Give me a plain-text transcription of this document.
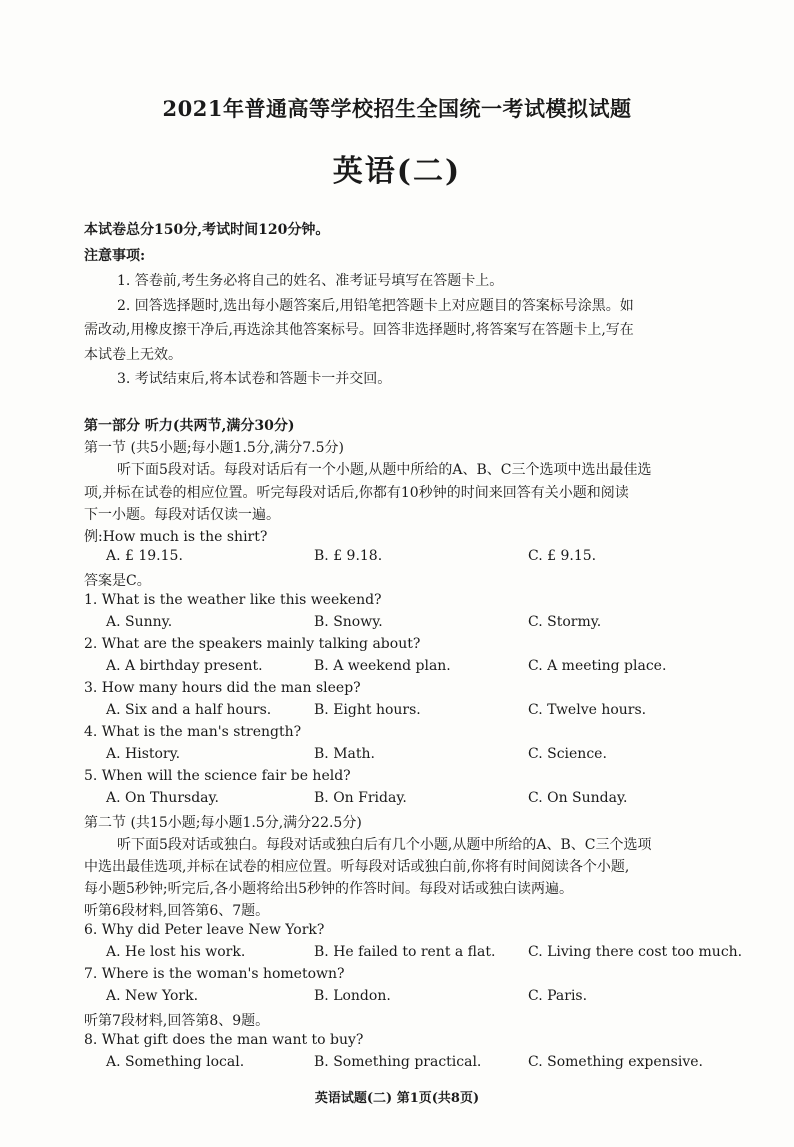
2021年普通高等学校招生全国统一考试模拟试题
英语(二)
本试卷总分150分,考试时间120分钟。
注意事项:
1. 答卷前,考生务必将自己的姓名、准考证号填写在答题卡上。
2. 回答选择题时,选出每小题答案后,用铅笔把答题卡上对应题目的答案标号涂黑。如
需改动,用橡皮擦干净后,再选涂其他答案标号。回答非选择题时,将答案写在答题卡上,写在
本试卷上无效。
3. 考试结束后,将本试卷和答题卡一并交回。
第一部分 听力(共两节,满分30分)
第一节 (共5小题;每小题1.5分,满分7.5分)
听下面5段对话。每段对话后有一个小题,从题中所给的A、B、C三个选项中选出最佳选
项,并标在试卷的相应位置。听完每段对话后,你都有10秒钟的时间来回答有关小题和阅读
下一小题。每段对话仅读一遍。
例:How much is the shirt?
A. £ 19.15.	B. £ 9.18.	C. £ 9.15.
答案是C。
1. What is the weather like this weekend?
A. Sunny.	B. Snowy.	C. Stormy.
2. What are the speakers mainly talking about?
A. A birthday present.	B. A weekend plan.	C. A meeting place.
3. How many hours did the man sleep?
A. Six and a half hours.	B. Eight hours.	C. Twelve hours.
4. What is the man's strength?
A. History.	B. Math.	C. Science.
5. When will the science fair be held?
A. On Thursday.	B. On Friday.	C. On Sunday.
第二节 (共15小题;每小题1.5分,满分22.5分)
听下面5段对话或独白。每段对话或独白后有几个小题,从题中所给的A、B、C三个选项
中选出最佳选项,并标在试卷的相应位置。听每段对话或独白前,你将有时间阅读各个小题,
每小题5秒钟;听完后,各小题将给出5秒钟的作答时间。每段对话或独白读两遍。
听第6段材料,回答第6、7题。
6. Why did Peter leave New York?
A. He lost his work.	B. He failed to rent a flat. C. Living there cost too much.
7. Where is the woman's hometown?
A. New York.	B. London.	C. Paris.
听第7段材料,回答第8、9题。
8. What gift does the man want to buy?
A. Something local.	B. Something practical.	C. Something expensive.
英语试题(二) 第1页(共8页)
